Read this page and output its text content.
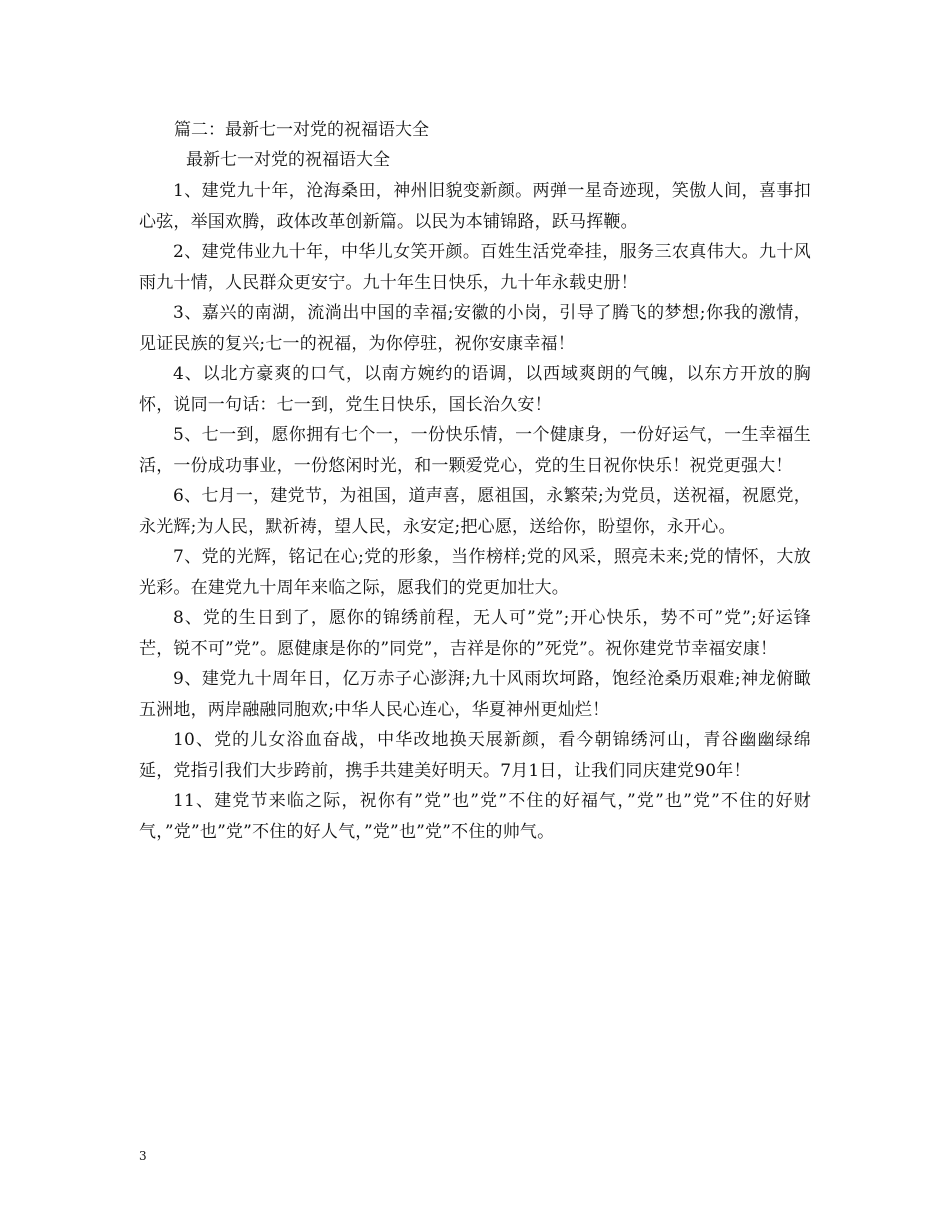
篇二：最新七一对党的祝福语大全
最新七一对党的祝福语大全

1、建党九十年，沧海桑田，神州旧貌变新颜。两弹一星奇迹现，笑傲人间，喜事扣心弦，举国欢腾，政体改革创新篇。以民为本铺锦路，跃马挥鞭。

2、建党伟业九十年，中华儿女笑开颜。百姓生活党牵挂，服务三农真伟大。九十风雨九十情，人民群众更安宁。九十年生日快乐，九十年永载史册！

3、嘉兴的南湖，流淌出中国的幸福;安徽的小岗，引导了腾飞的梦想;你我的激情，见证民族的复兴;七一的祝福，为你停驻，祝你安康幸福！

4、以北方豪爽的口气，以南方婉约的语调，以西域爽朗的气魄，以东方开放的胸怀，说同一句话：七一到，党生日快乐，国长治久安！

5、七一到，愿你拥有七个一，一份快乐情，一个健康身，一份好运气，一生幸福生活，一份成功事业，一份悠闲时光，和一颗爱党心，党的生日祝你快乐！祝党更强大！

6、七月一，建党节，为祖国，道声喜，愿祖国，永繁荣;为党员，送祝福，祝愿党，永光辉;为人民，默祈祷，望人民，永安定;把心愿，送给你，盼望你，永开心。

7、党的光辉，铭记在心;党的形象，当作榜样;党的风采，照亮未来;党的情怀，大放光彩。在建党九十周年来临之际，愿我们的党更加壮大。

8、党的生日到了，愿你的锦绣前程，无人可”党”;开心快乐，势不可”党”;好运锋芒，锐不可”党”。愿健康是你的”同党”，吉祥是你的”死党”。祝你建党节幸福安康！

9、建党九十周年日，亿万赤子心澎湃;九十风雨坎坷路，饱经沧桑历艰难;神龙俯瞰五洲地，两岸融融同胞欢;中华人民心连心，华夏神州更灿烂！

10、党的儿女浴血奋战，中华改地换天展新颜，看今朝锦绣河山，青谷幽幽绿绵延，党指引我们大步跨前，携手共建美好明天。7月1日，让我们同庆建党90年！

11、建党节来临之际，祝你有”党”也”党”不住的好福气，”党”也”党”不住的好财气，”党”也”党”不住的好人气，”党”也”党”不住的帅气。

3
